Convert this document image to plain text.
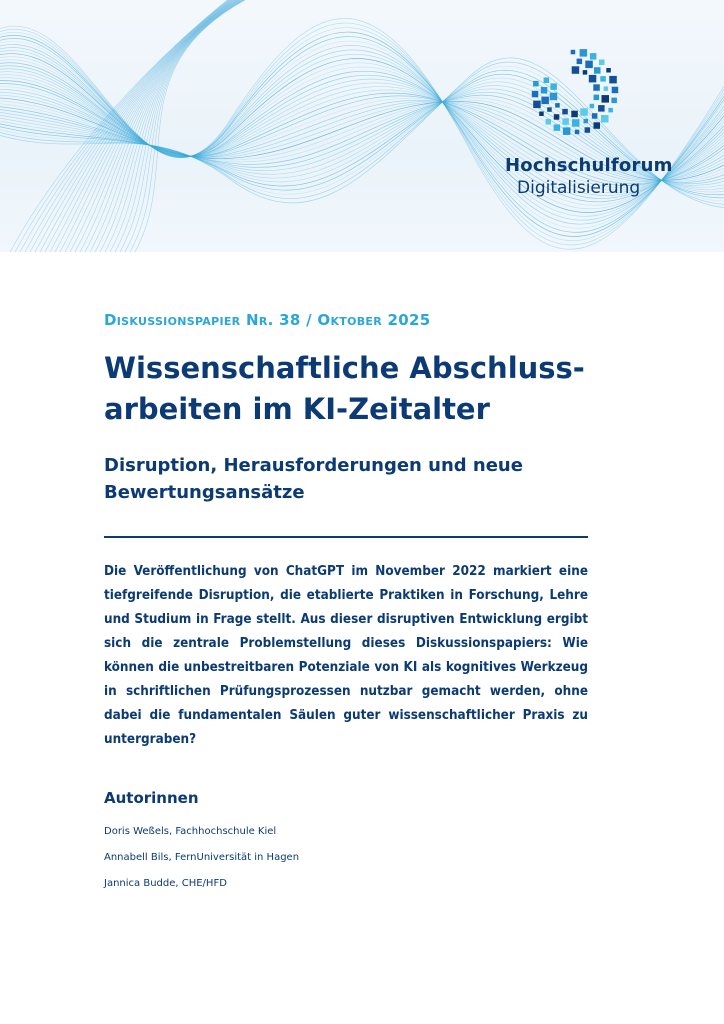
Hochschulforum
Digitalisierung
Diskussionspapier Nr. 38 / Oktober 2025
Wissenschaftliche Abschluss-
arbeiten im KI-Zeitalter
Disruption, Herausforderungen und neue
Bewertungsansätze
Die Veröffentlichung von ChatGPT im November 2022 markiert eine tiefgreifende Disruption, die etablierte Praktiken in Forschung, Lehre und Studium in Frage stellt. Aus dieser disruptiven Entwicklung ergibt sich die zentrale Problemstellung dieses Diskussionspapiers: Wie können die unbestreitbaren Potenziale von KI als kognitives Werkzeug in schriftlichen Prüfungsprozessen nutzbar gemacht werden, ohne dabei die fundamentalen Säulen guter wissenschaftlicher Praxis zu untergraben?
Autorinnen
Doris Weßels, Fachhochschule Kiel
Annabell Bils, FernUniversität in Hagen
Jannica Budde, CHE/HFD
